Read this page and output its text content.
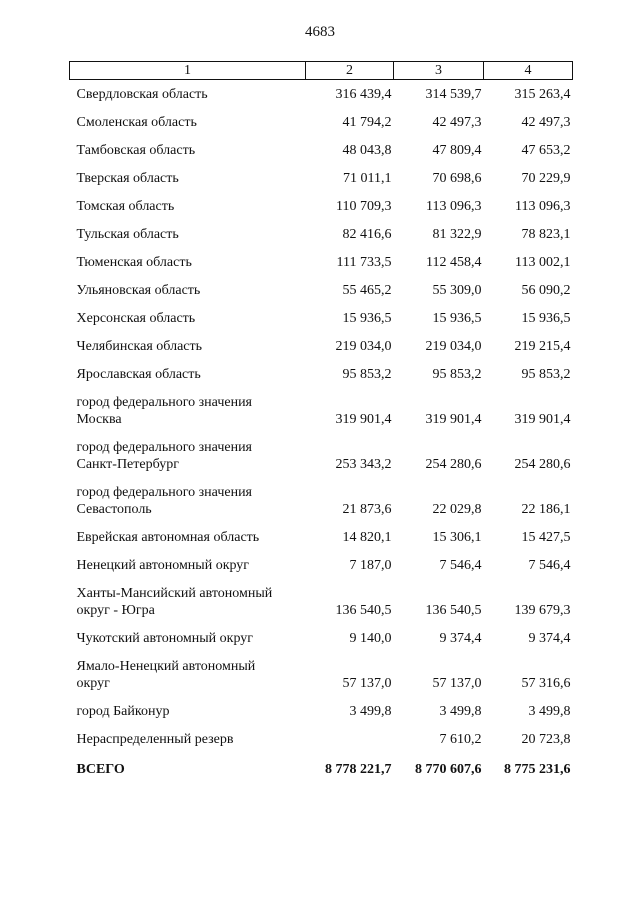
4683
1	2	3	4
Свердловская область	316 439,4	314 539,7	315 263,4
Смоленская область	41 794,2	42 497,3	42 497,3
Тамбовская область	48 043,8	47 809,4	47 653,2
Тверская область	71 011,1	70 698,6	70 229,9
Томская область	110 709,3	113 096,3	113 096,3
Тульская область	82 416,6	81 322,9	78 823,1
Тюменская область	111 733,5	112 458,4	113 002,1
Ульяновская область	55 465,2	55 309,0	56 090,2
Херсонская область	15 936,5	15 936,5	15 936,5
Челябинская область	219 034,0	219 034,0	219 215,4
Ярославская область	95 853,2	95 853,2	95 853,2
город федерального значения
Москва	319 901,4	319 901,4	319 901,4
город федерального значения
Санкт-Петербург	253 343,2	254 280,6	254 280,6
город федерального значения
Севастополь	21 873,6	22 029,8	22 186,1
Еврейская автономная область	14 820,1	15 306,1	15 427,5
Ненецкий автономный округ	7 187,0	7 546,4	7 546,4
Ханты-Мансийский автономный
округ - Югра	136 540,5	136 540,5	139 679,3
Чукотский автономный округ	9 140,0	9 374,4	9 374,4
Ямало-Ненецкий автономный
округ	57 137,0	57 137,0	57 316,6
город Байконур	3 499,8	3 499,8	3 499,8
Нераспределенный резерв		7 610,2	20 723,8
ВСЕГО	8 778 221,7	8 770 607,6	8 775 231,6
